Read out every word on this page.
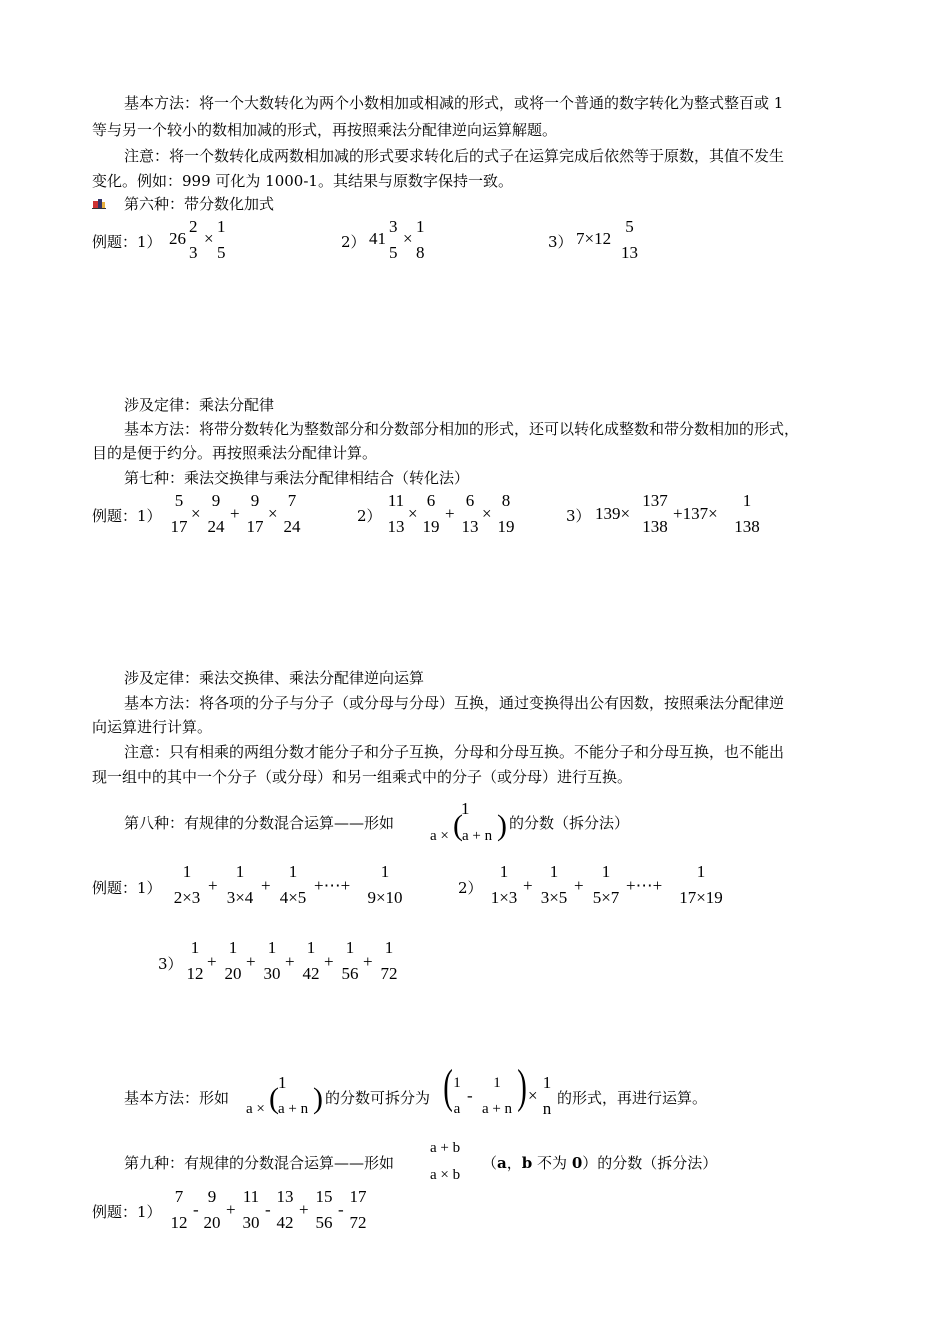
基本方法：将一个大数转化为两个小数相加或相减的形式，或将一个普通的数字转化为整式整百或 1
等与另一个较小的数相加减的形式，再按照乘法分配律逆向运算解题。
注意：将一个数转化成两数相加减的形式要求转化后的式子在运算完成后依然等于原数，其值不发生
变化。例如：999 可化为 1000-1。其结果与原数字保持一致。
第六种：带分数化加式
例题：1） 26
2
3
×
1
5
2） 41
3
5
×
1
8
3） 7×12
5
13
涉及定律：乘法分配律
基本方法：将带分数转化为整数部分和分数部分相加的形式，还可以转化成整数和带分数相加的形式，
目的是便于约分。再按照乘法分配律计算。
第七种：乘法交换律与乘法分配律相结合（转化法）
例题：1）
5
17
×
9
24
+
9
17
×
7
24
2）
11
13
×
6
19
+
6
13
×
8
19
3） 139×
137
138
+137×
1
138
涉及定律：乘法交换律、乘法分配律逆向运算
基本方法：将各项的分子与分子（或分母与分母）互换，通过变换得出公有因数，按照乘法分配律逆
向运算进行计算。
注意：只有相乘的两组分数才能分子和分子互换，分母和分母互换。不能分子和分母互换，也不能出
现一组中的其中一个分子（或分母）和另一组乘式中的分子（或分母）进行互换。
第八种：有规律的分数混合运算——形如
1
a × ( a + n ) 的分数（拆分法）
例题：1）
1
2×3
+
1
3×4
+
1
4×5
+⋯+
1
9×10	2）
1
1×3
+
1
3×5
+
1
5×7
+⋯+
1
17×19
3）
1
12
+
1
20
+
1
30
+
1
42
+
1
56
+
1
72
基本方法：形如
1
a × ( a + n ) 的分数可拆分为 ( 1
a
-
1
a + n ) ×
1
n
的形式，再进行运算。
第九种：有规律的分数混合运算——形如
a + b
a × b
（a，b 不为 0）的分数（拆分法）
例题：1）
7
12
-
9
20
+
11
30
-
13
42
+
15
56
-
17
72
